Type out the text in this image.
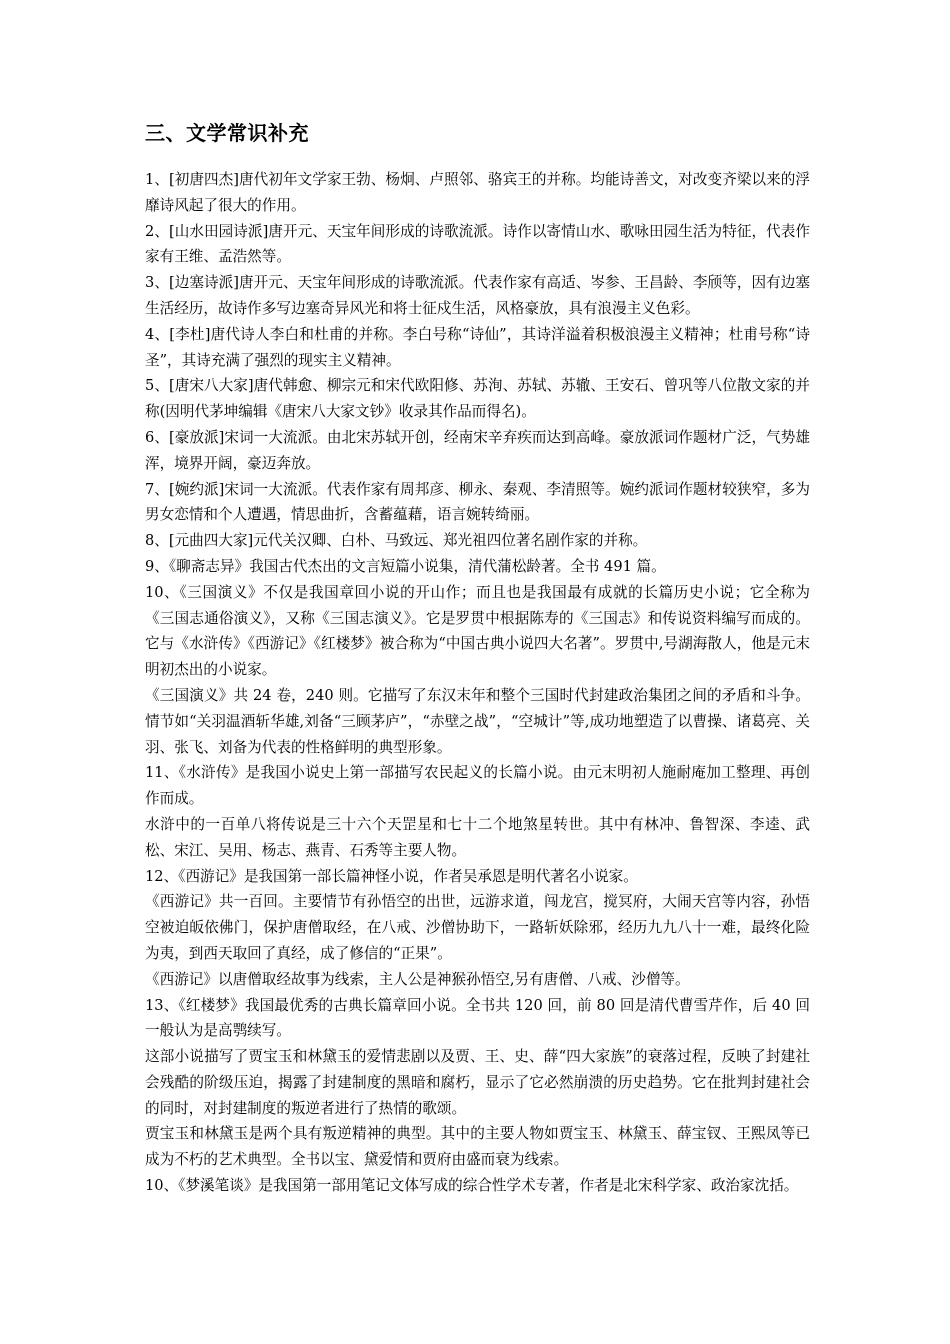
三、文学常识补充

1、[初唐四杰]唐代初年文学家王勃、杨炯、卢照邻、骆宾王的并称。均能诗善文，对改变齐梁以来的浮靡诗风起了很大的作用。

2、[山水田园诗派]唐开元、天宝年间形成的诗歌流派。诗作以寄情山水、歌咏田园生活为特征，代表作家有王维、孟浩然等。

3、[边塞诗派]唐开元、天宝年间形成的诗歌流派。代表作家有高适、岑参、王昌龄、李颀等，因有边塞生活经历，故诗作多写边塞奇异风光和将士征戍生活，风格豪放，具有浪漫主义色彩。

4、[李杜]唐代诗人李白和杜甫的并称。李白号称“诗仙”，其诗洋溢着积极浪漫主义精神；杜甫号称“诗圣”，其诗充满了强烈的现实主义精神。

5、[唐宋八大家]唐代韩愈、柳宗元和宋代欧阳修、苏洵、苏轼、苏辙、王安石、曾巩等八位散文家的并称(因明代茅坤编辑《唐宋八大家文钞》收录其作品而得名)。

6、[豪放派]宋词一大流派。由北宋苏轼开创，经南宋辛弃疾而达到高峰。豪放派词作题材广泛，气势雄浑，境界开阔，豪迈奔放。

7、[婉约派]宋词一大流派。代表作家有周邦彦、柳永、秦观、李清照等。婉约派词作题材较狭窄，多为男女恋情和个人遭遇，情思曲折，含蓄蕴藉，语言婉转绮丽。

8、[元曲四大家]元代关汉卿、白朴、马致远、郑光祖四位著名剧作家的并称。

9、《聊斋志异》我国古代杰出的文言短篇小说集，清代蒲松龄著。全书 491 篇。

10、《三国演义》不仅是我国章回小说的开山作；而且也是我国最有成就的长篇历史小说；它全称为《三国志通俗演义》，又称《三国志演义》。它是罗贯中根据陈寿的《三国志》和传说资料编写而成的。它与《水浒传》《西游记》《红楼梦》被合称为“中国古典小说四大名著”。罗贯中,号湖海散人，他是元末明初杰出的小说家。

《三国演义》共 24 卷，240 则。它描写了东汉末年和整个三国时代封建政治集团之间的矛盾和斗争。情节如“关羽温酒斩华雄,刘备“三顾茅庐”，“赤壁之战”，“空城计”等,成功地塑造了以曹操、诸葛亮、关羽、张飞、刘备为代表的性格鲜明的典型形象。

11、《水浒传》是我国小说史上第一部描写农民起义的长篇小说。由元末明初人施耐庵加工整理、再创作而成。

水浒中的一百单八将传说是三十六个天罡星和七十二个地煞星转世。其中有林冲、鲁智深、李逵、武松、宋江、吴用、杨志、燕青、石秀等主要人物。

12、《西游记》是我国第一部长篇神怪小说，作者吴承恩是明代著名小说家。

《西游记》共一百回。主要情节有孙悟空的出世，远游求道，闯龙宫，搅冥府，大闹天宫等内容，孙悟空被迫皈依佛门，保护唐僧取经，在八戒、沙僧协助下，一路斩妖除邪，经历九九八十一难，最终化险为夷，到西天取回了真经，成了修信的“正果”。

《西游记》以唐僧取经故事为线索，主人公是神猴孙悟空,另有唐僧、八戒、沙僧等。

13、《红楼梦》我国最优秀的古典长篇章回小说。全书共 120 回，前 80 回是清代曹雪芹作，后 40 回一般认为是高鹗续写。

这部小说描写了贾宝玉和林黛玉的爱情悲剧以及贾、王、史、薛“四大家族”的衰落过程，反映了封建社会残酷的阶级压迫，揭露了封建制度的黑暗和腐朽，显示了它必然崩溃的历史趋势。它在批判封建社会的同时，对封建制度的叛逆者进行了热情的歌颂。

贾宝玉和林黛玉是两个具有叛逆精神的典型。其中的主要人物如贾宝玉、林黛玉、薛宝钗、王熙凤等已成为不朽的艺术典型。全书以宝、黛爱情和贾府由盛而衰为线索。

10、《梦溪笔谈》是我国第一部用笔记文体写成的综合性学术专著，作者是北宋科学家、政治家沈括。
